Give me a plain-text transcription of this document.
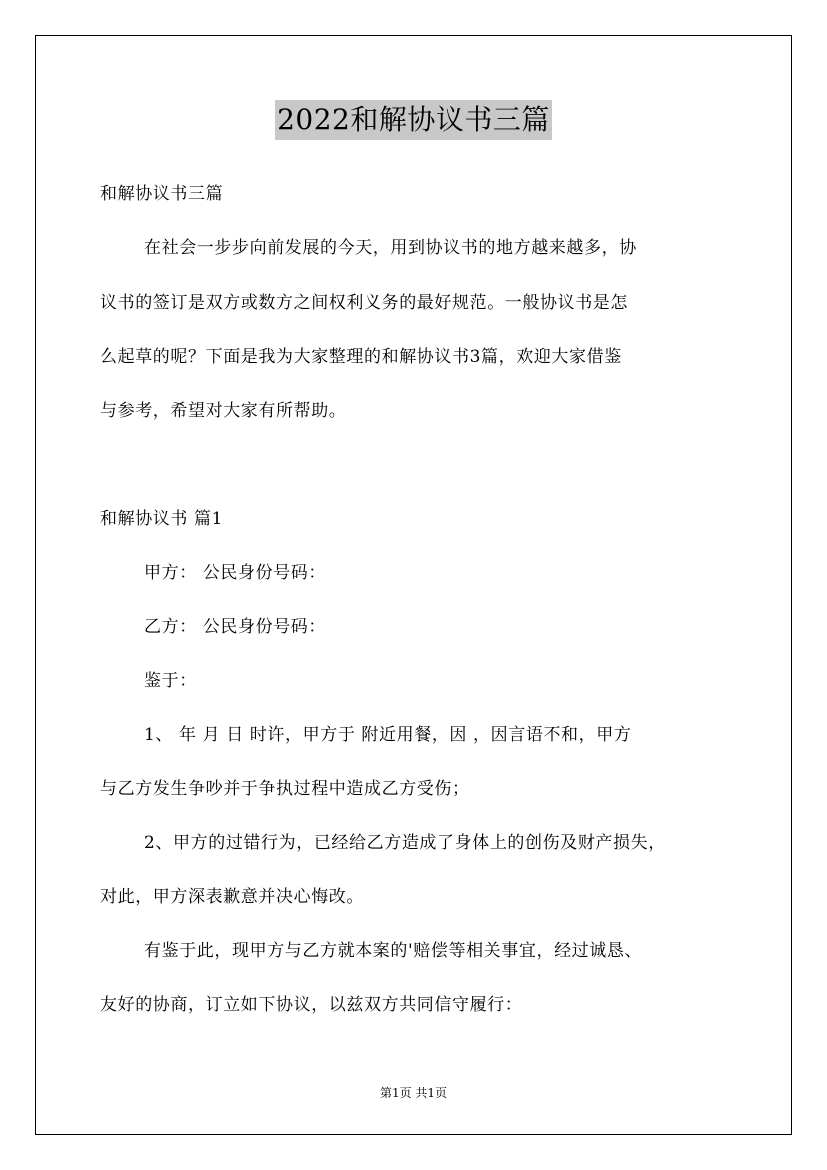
2022和解协议书三篇
和解协议书三篇
在社会一步步向前发展的今天，用到协议书的地方越来越多，协
议书的签订是双方或数方之间权利义务的最好规范。一般协议书是怎
么起草的呢？下面是我为大家整理的和解协议书3篇，欢迎大家借鉴
与参考，希望对大家有所帮助。
和解协议书 篇1
甲方： 公民身份号码：
乙方： 公民身份号码：
鉴于：
1、 年 月 日 时许，甲方于 附近用餐，因 ，因言语不和，甲方
与乙方发生争吵并于争执过程中造成乙方受伤；
2、甲方的过错行为，已经给乙方造成了身体上的创伤及财产损失，
对此，甲方深表歉意并决心悔改。
有鉴于此，现甲方与乙方就本案的'赔偿等相关事宜，经过诚恳、
友好的协商，订立如下协议，以兹双方共同信守履行：
第1页 共1页
